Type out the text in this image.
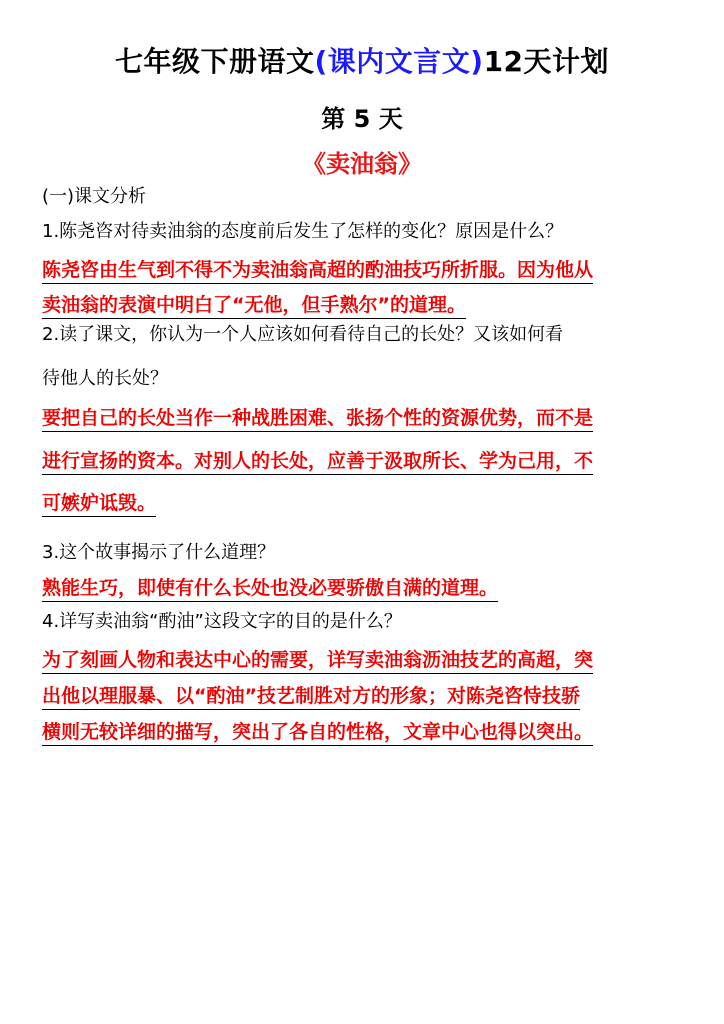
七年级下册语文(课内文言文)12天计划
第 5 天
《卖油翁》
(一)课文分析
1.陈尧咨对待卖油翁的态度前后发生了怎样的变化？原因是什么？
陈尧咨由生气到不得不为卖油翁高超的酌油技巧所折服。因为他从
卖油翁的表演中明白了“无他，但手熟尔”的道理。
2.读了课文，你认为一个人应该如何看待自己的长处？又该如何看
待他人的长处？
要把自己的长处当作一种战胜困难、张扬个性的资源优势，而不是
进行宣扬的资本。对别人的长处，应善于汲取所长、学为己用，不
可嫉妒诋毁。
3.这个故事揭示了什么道理？
熟能生巧，即使有什么长处也没必要骄傲自满的道理。
4.详写卖油翁“酌油”这段文字的目的是什么？
为了刻画人物和表达中心的需要，详写卖油翁沥油技艺的高超，突
出他以理服暴、以“酌油”技艺制胜对方的形象；对陈尧咨恃技骄
横则无较详细的描写，突出了各自的性格，文章中心也得以突出。
